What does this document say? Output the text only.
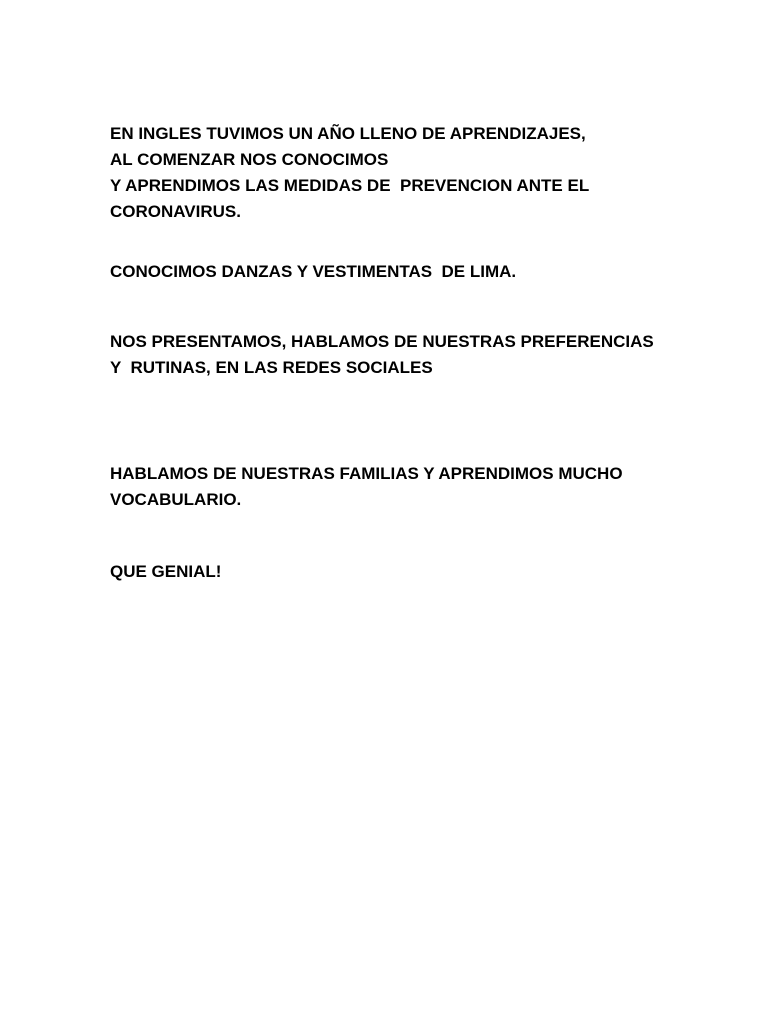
EN INGLES TUVIMOS UN AÑO LLENO DE APRENDIZAJES,
AL COMENZAR NOS CONOCIMOS
Y APRENDIMOS LAS MEDIDAS DE  PREVENCION ANTE EL
CORONAVIRUS.
CONOCIMOS DANZAS Y VESTIMENTAS  DE LIMA.
NOS PRESENTAMOS, HABLAMOS DE NUESTRAS PREFERENCIAS
Y  RUTINAS, EN LAS REDES SOCIALES
HABLAMOS DE NUESTRAS FAMILIAS Y APRENDIMOS MUCHO
VOCABULARIO.
QUE GENIAL!
